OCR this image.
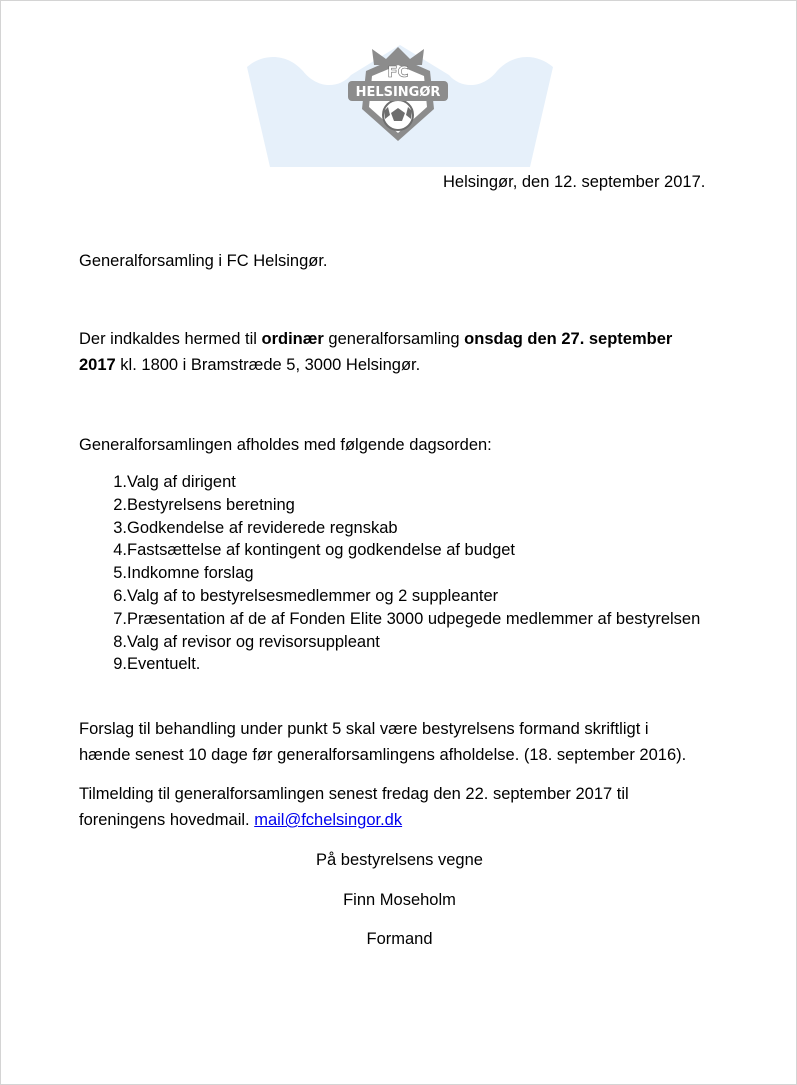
FC
HELSINGØR
Helsingør, den 12. september 2017.
Generalforsamling i FC Helsingør.
Der indkaldes hermed til ordinær generalforsamling onsdag den 27. september
2017 kl. 1800 i Bramstræde 5, 3000 Helsingør.
Generalforsamlingen afholdes med følgende dagsorden:
1. Valg af dirigent
2. Bestyrelsens beretning
3. Godkendelse af reviderede regnskab
4. Fastsættelse af kontingent og godkendelse af budget
5. Indkomne forslag
6. Valg af to bestyrelsesmedlemmer og 2 suppleanter
7. Præsentation af de af Fonden Elite 3000 udpegede medlemmer af bestyrelsen
8. Valg af revisor og revisorsuppleant
9. Eventuelt.
Forslag til behandling under punkt 5 skal være bestyrelsens formand skriftligt i
hænde senest 10 dage før generalforsamlingens afholdelse. (18. september 2016).
Tilmelding til generalforsamlingen senest fredag den 22. september 2017 til
foreningens hovedmail. mail@fchelsingor.dk
På bestyrelsens vegne
Finn Moseholm
Formand
